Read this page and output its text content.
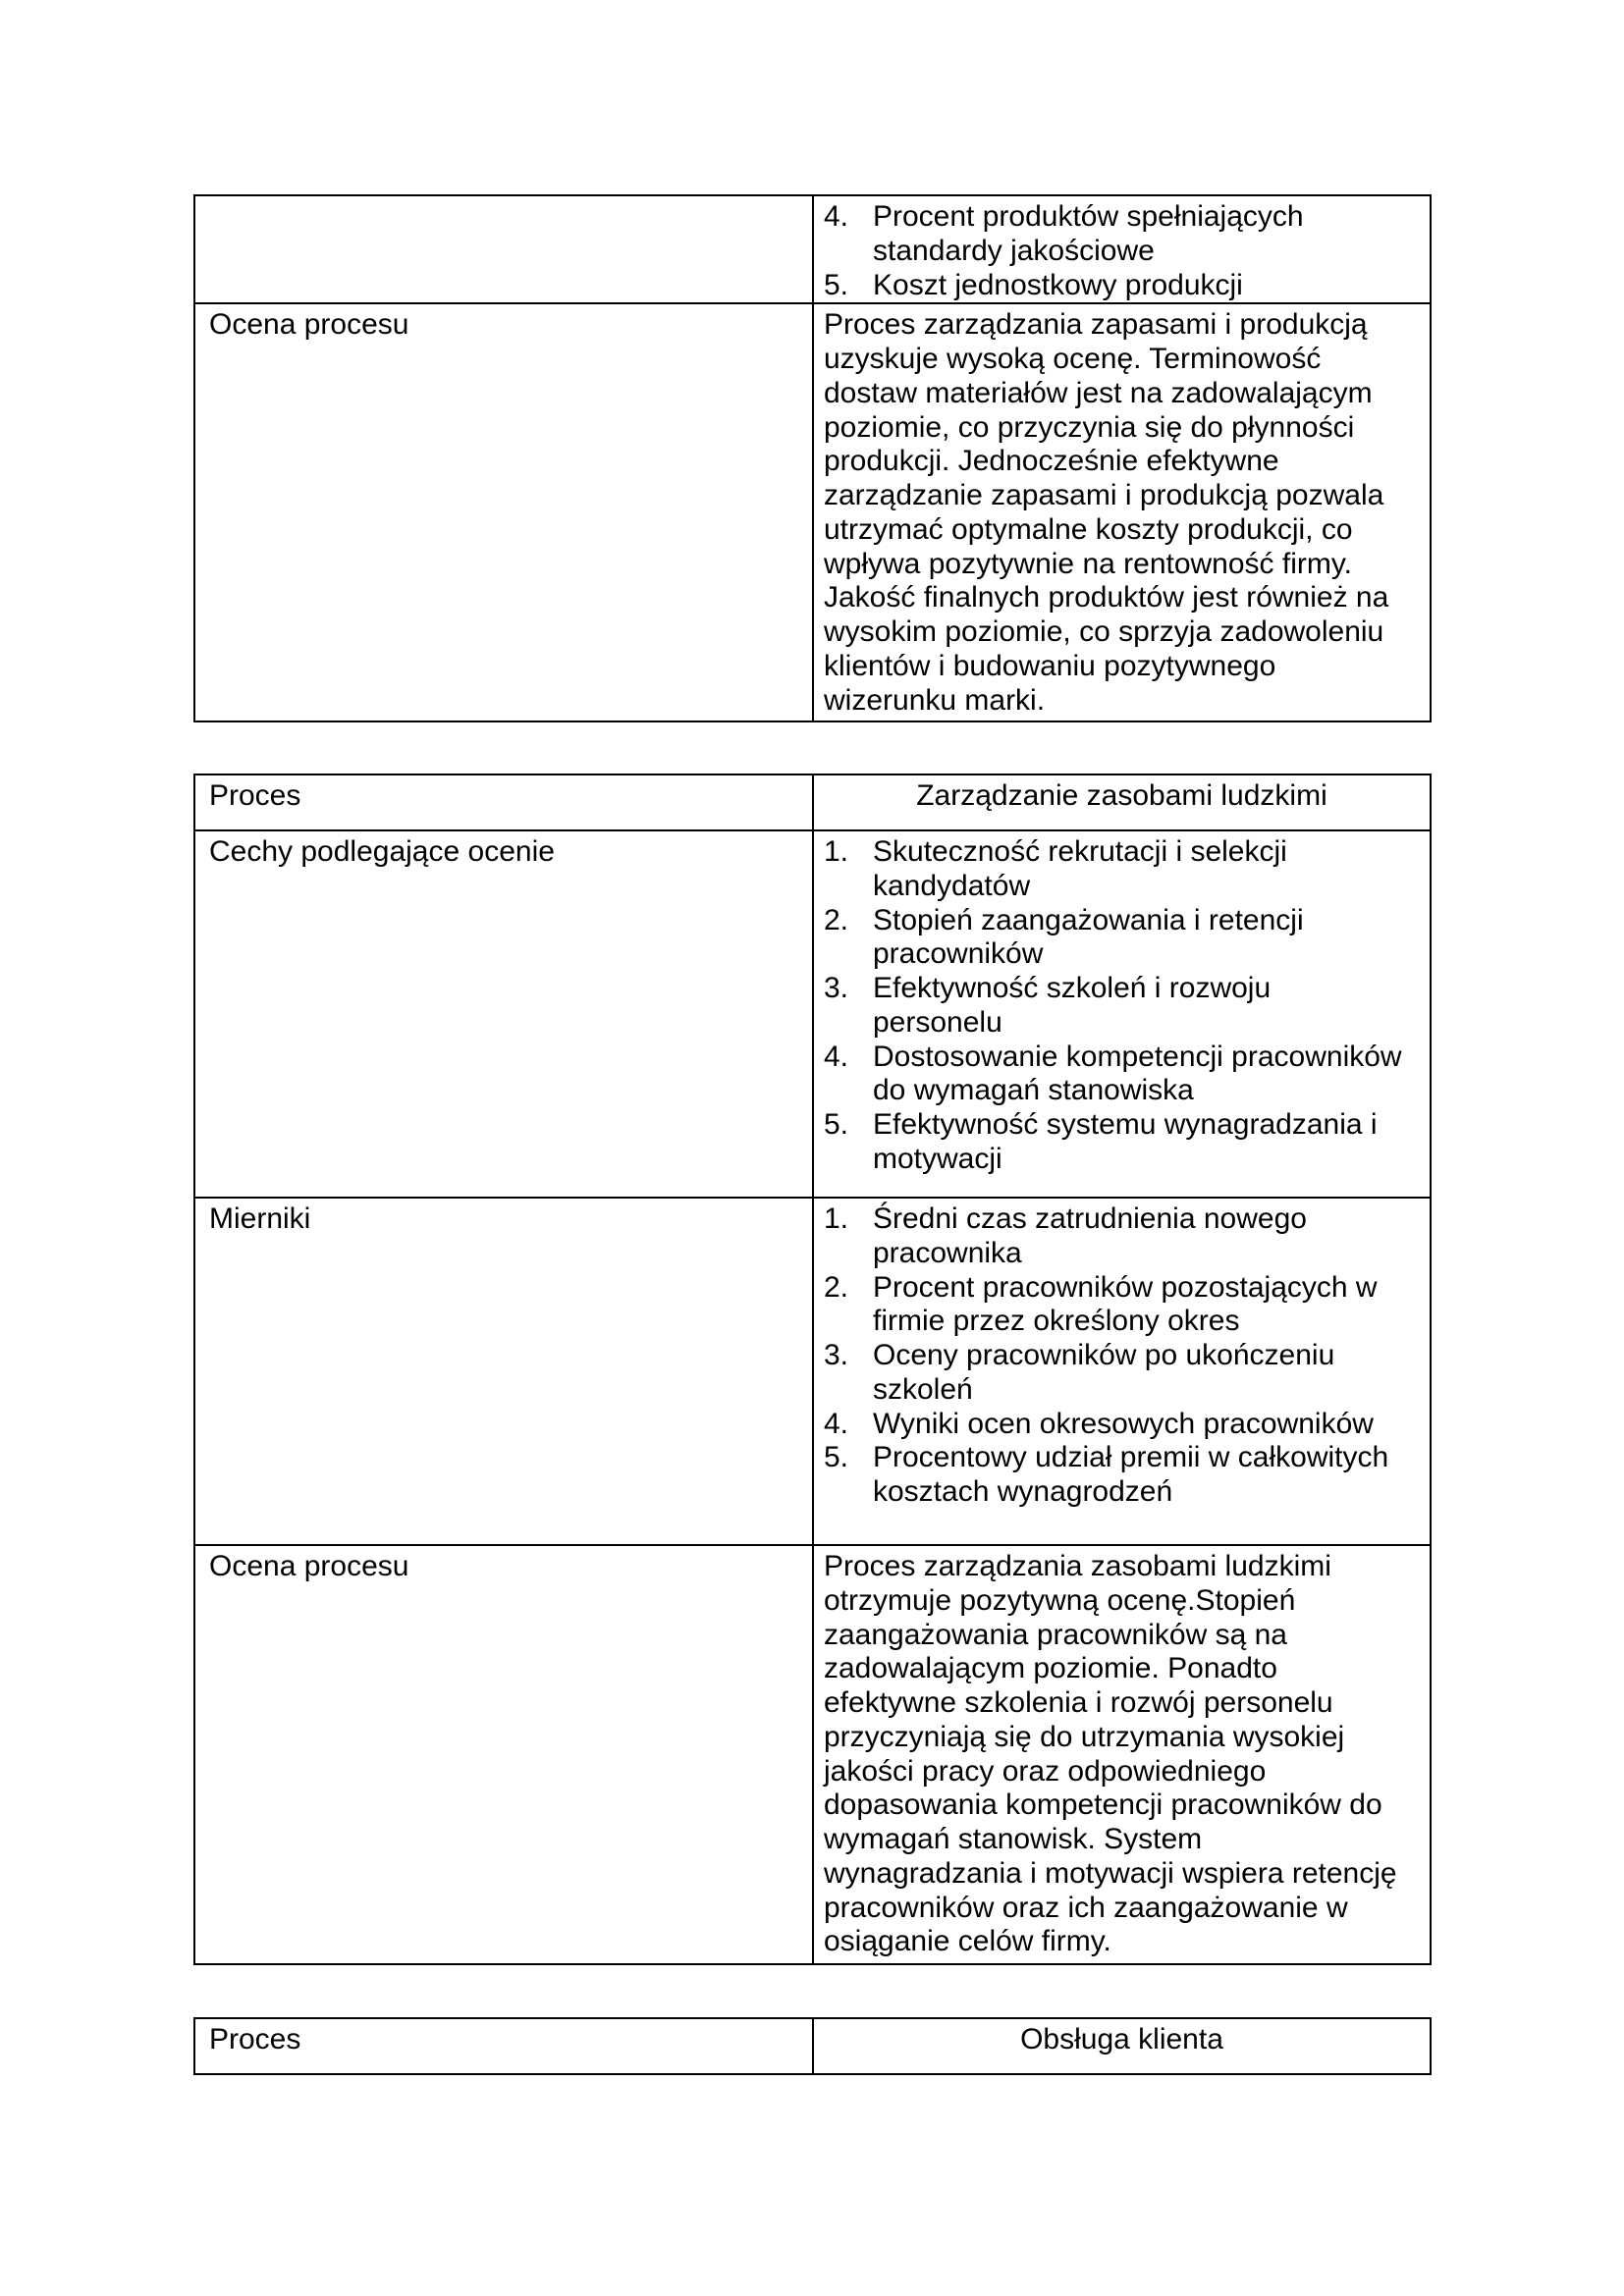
	4. Procent produktów spełniających standardy jakościowe
5. Koszt jednostkowy produkcji

Ocena procesu	Proces zarządzania zapasami i produkcją uzyskuje wysoką ocenę. Terminowość dostaw materiałów jest na zadowalającym poziomie, co przyczynia się do płynności produkcji. Jednocześnie efektywne zarządzanie zapasami i produkcją pozwala utrzymać optymalne koszty produkcji, co wpływa pozytywnie na rentowność firmy. Jakość finalnych produktów jest również na wysokim poziomie, co sprzyja zadowoleniu klientów i budowaniu pozytywnego wizerunku marki.
Proces	Zarządzanie zasobami ludzkimi
Cechy podlegające ocenie	1. Skuteczność rekrutacji i selekcji kandydatów
2. Stopień zaangażowania i retencji pracowników
3. Efektywność szkoleń i rozwoju personelu
4. Dostosowanie kompetencji pracowników do wymagań stanowiska
5. Efektywność systemu wynagradzania i motywacji

Mierniki	1. Średni czas zatrudnienia nowego pracownika
2. Procent pracowników pozostających w firmie przez określony okres
3. Oceny pracowników po ukończeniu szkoleń
4. Wyniki ocen okresowych pracowników
5. Procentowy udział premii w całkowitych kosztach wynagrodzeń

Ocena procesu	Proces zarządzania zasobami ludzkimi otrzymuje pozytywną ocenę.Stopień zaangażowania pracowników są na zadowalającym poziomie. Ponadto efektywne szkolenia i rozwój personelu przyczyniają się do utrzymania wysokiej jakości pracy oraz odpowiedniego dopasowania kompetencji pracowników do wymagań stanowisk. System wynagradzania i motywacji wspiera retencję pracowników oraz ich zaangażowanie w osiąganie celów firmy.
Proces	Obsługa klienta
